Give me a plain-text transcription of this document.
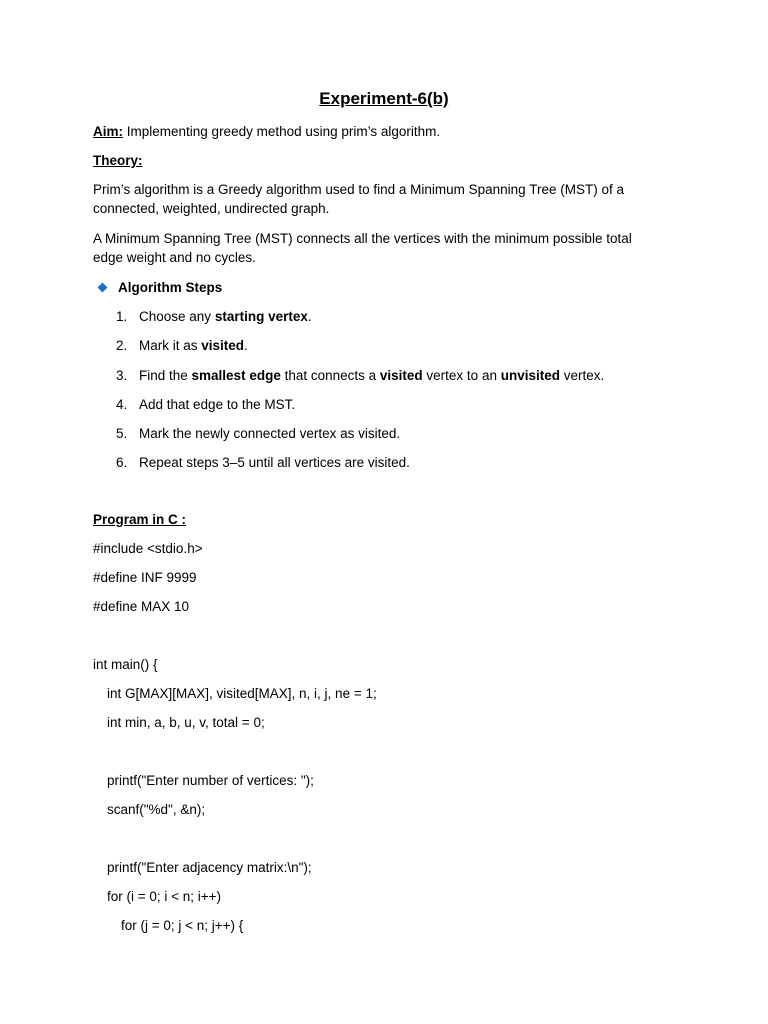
Experiment-6(b)
Aim: Implementing greedy method using prim’s algorithm.
Theory:
Prim’s algorithm is a Greedy algorithm used to find a Minimum Spanning Tree (MST) of a
connected, weighted, undirected graph.
A Minimum Spanning Tree (MST) connects all the vertices with the minimum possible total
edge weight and no cycles.
Algorithm Steps
1. Choose any starting vertex.
2. Mark it as visited.
3. Find the smallest edge that connects a visited vertex to an unvisited vertex.
4. Add that edge to the MST.
5. Mark the newly connected vertex as visited.
6. Repeat steps 3–5 until all vertices are visited.
Program in C :
#include <stdio.h>
#define INF 9999
#define MAX 10
int main() {
int G[MAX][MAX], visited[MAX], n, i, j, ne = 1;
int min, a, b, u, v, total = 0;
printf("Enter number of vertices: ");
scanf("%d", &n);
printf("Enter adjacency matrix:\n");
for (i = 0; i < n; i++)
for (j = 0; j < n; j++) {
